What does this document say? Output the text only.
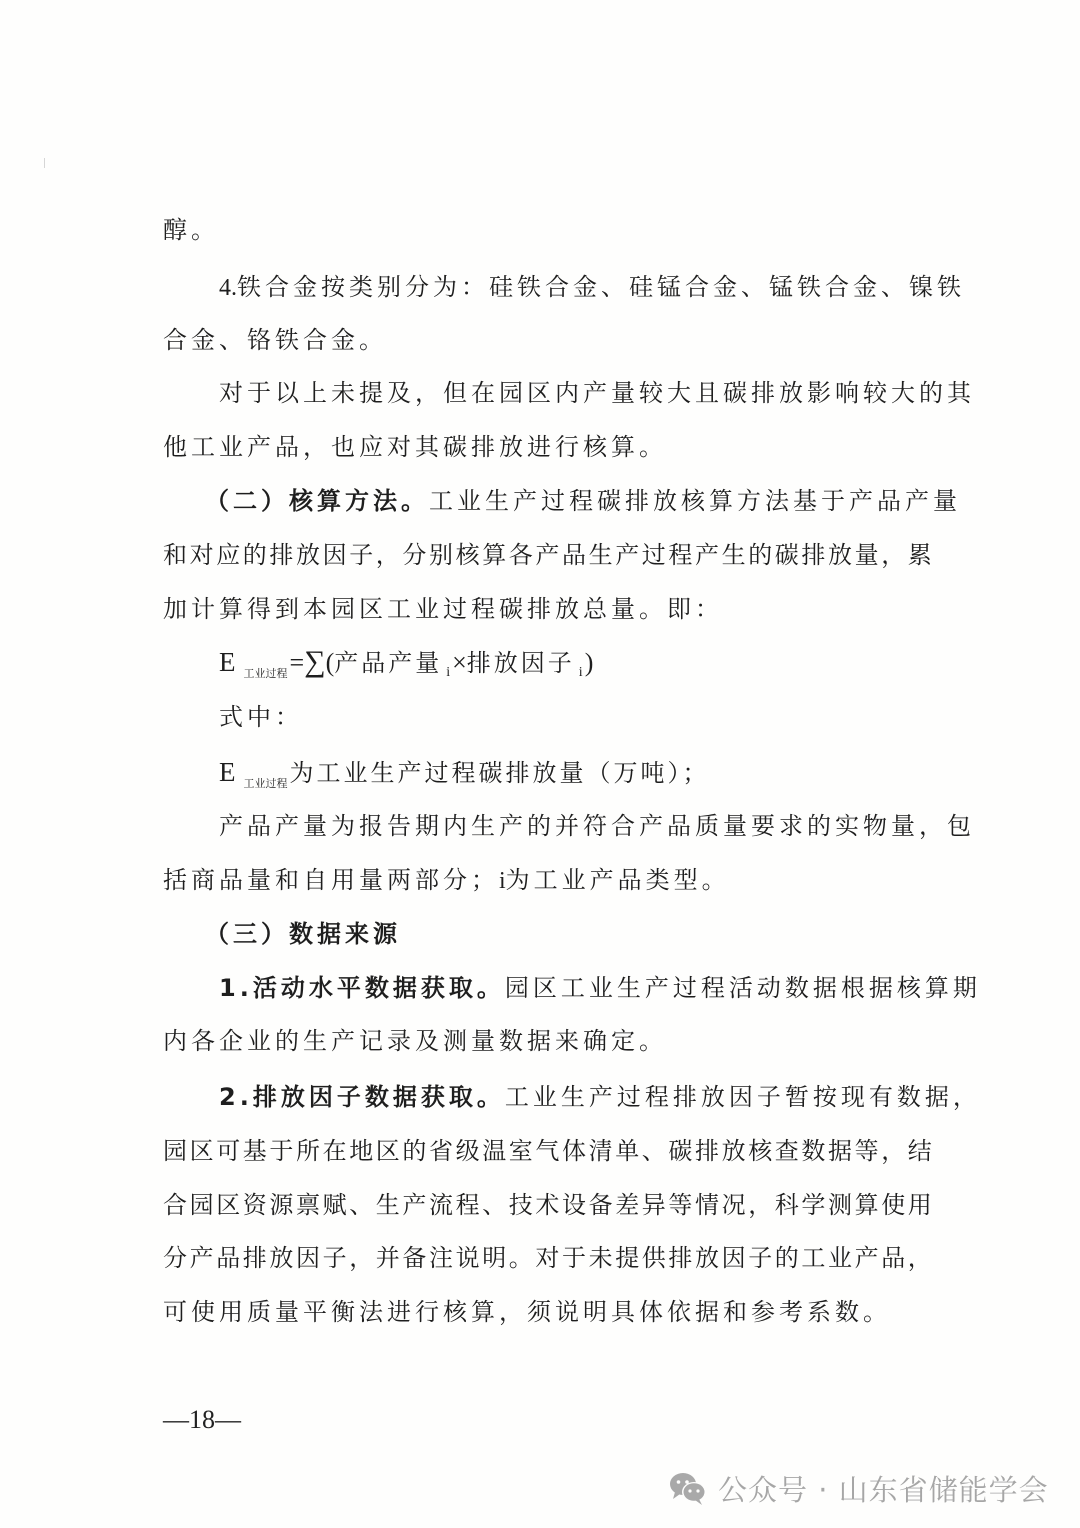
醇。
4.铁合金按类别分为：硅铁合金、硅锰合金、锰铁合金、镍铁
合金、铬铁合金。
对于以上未提及，但在园区内产量较大且碳排放影响较大的其
他工业产品，也应对其碳排放进行核算。
（二）核算方法。工业生产过程碳排放核算方法基于产品产量
和对应的排放因子，分别核算各产品生产过程产生的碳排放量，累
加计算得到本园区工业过程碳排放总量。即：
E $_{工业过程}$=∑(产品产量 $_i$×排放因子 $_i$)
式中：
E $_{工业过程}$为工业生产过程碳排放量（万吨）；
产品产量为报告期内生产的并符合产品质量要求的实物量，包
括商品量和自用量两部分；i为工业产品类型。
（三）数据来源
1.活动水平数据获取。园区工业生产过程活动数据根据核算期
内各企业的生产记录及测量数据来确定。
2.排放因子数据获取。工业生产过程排放因子暂按现有数据，
园区可基于所在地区的省级温室气体清单、碳排放核查数据等，结
合园区资源禀赋、生产流程、技术设备差异等情况，科学测算使用
分产品排放因子，并备注说明。对于未提供排放因子的工业产品，
可使用质量平衡法进行核算，须说明具体依据和参考系数。
—18—
公众号 · 山东省储能学会
